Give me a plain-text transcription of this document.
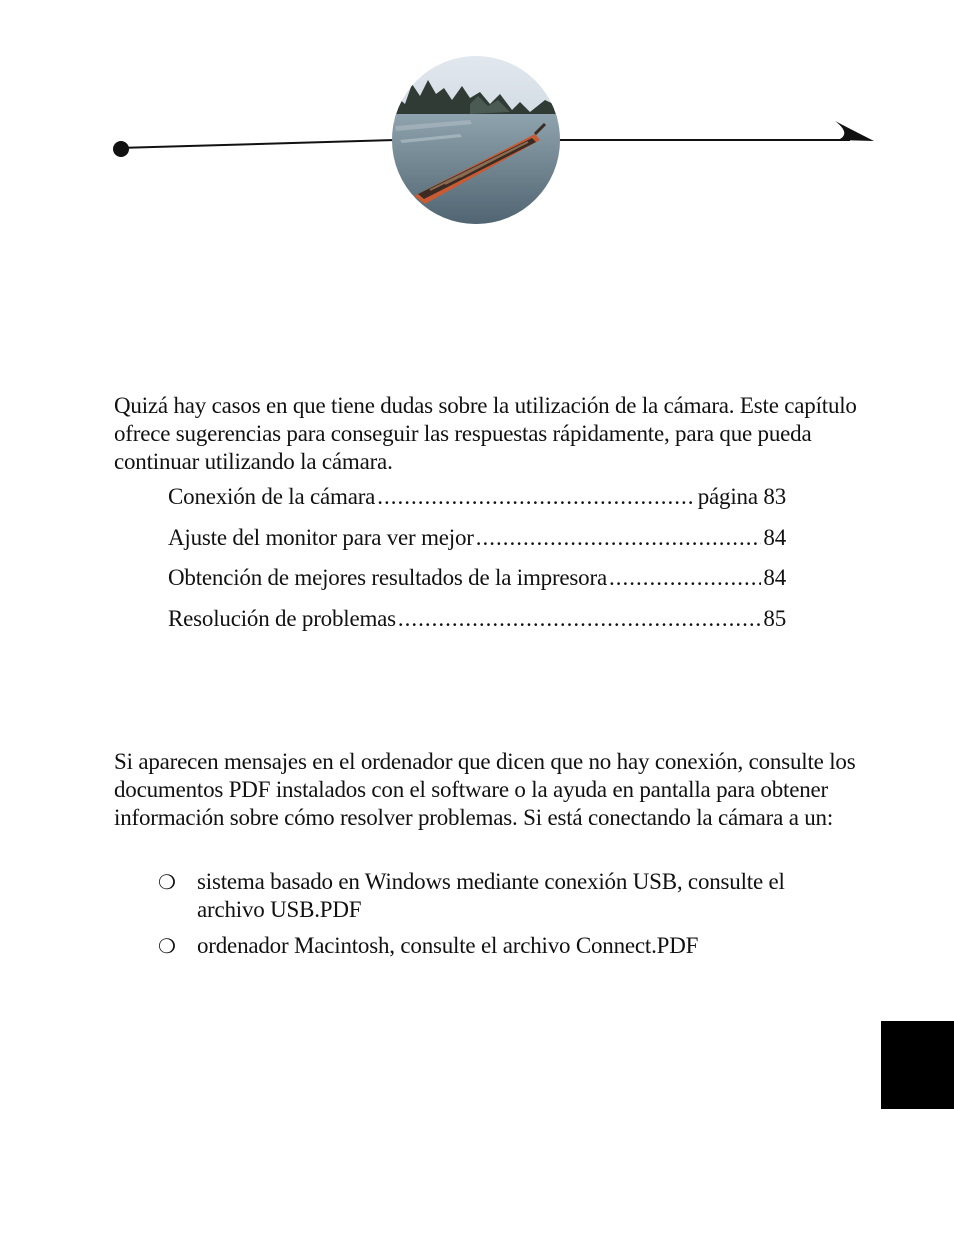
Quizá hay casos en que tiene dudas sobre la utilización de la cámara. Este capítulo ofrece sugerencias para conseguir las respuestas rápidamente, para que pueda continuar utilizando la cámara.

Conexión de la cámara .....	página 83
Ajuste del monitor para ver mejor .....	84
Obtención de mejores resultados de la impresora .....	84
Resolución de problemas .....	85

Si aparecen mensajes en el ordenador que dicen que no hay conexión, consulte los documentos PDF instalados con el software o la ayuda en pantalla para obtener información sobre cómo resolver problemas. Si está conectando la cámara a un:

❍ sistema basado en Windows mediante conexión USB, consulte el archivo USB.PDF
❍ ordenador Macintosh, consulte el archivo Connect.PDF
